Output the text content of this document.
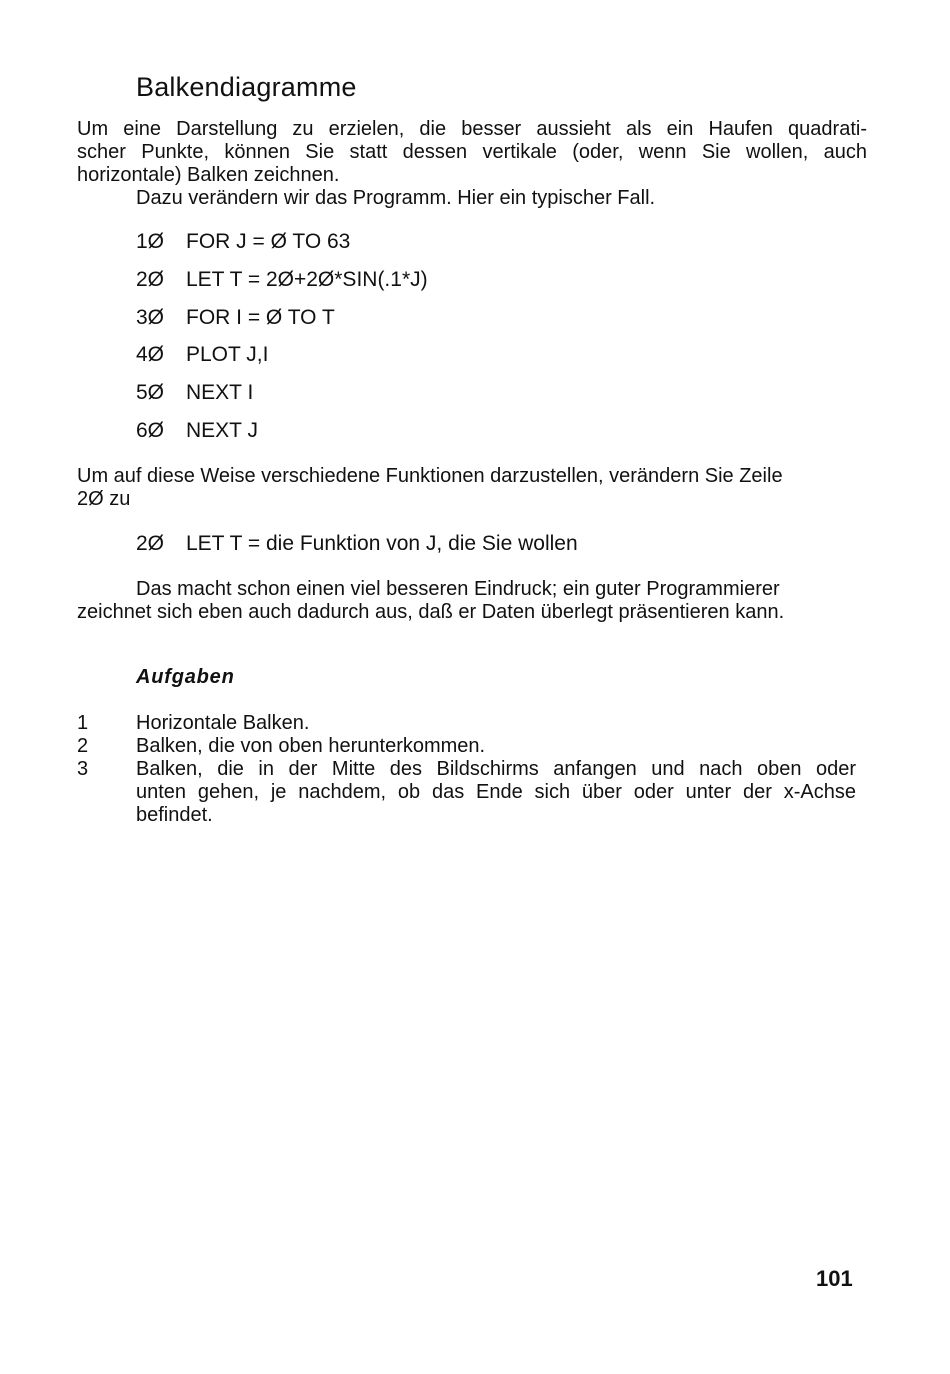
Balkendiagramme

Um eine Darstellung zu erzielen, die besser aussieht als ein Haufen quadrati-
scher Punkte, können Sie statt dessen vertikale (oder, wenn Sie wollen, auch
horizontale) Balken zeichnen.
Dazu verändern wir das Programm. Hier ein typischer Fall.

1Ø FOR J = Ø TO 63
2Ø LET T = 2Ø+2Ø*SIN(.1*J)
3Ø FOR I = Ø TO T
4Ø PLOT J,I
5Ø NEXT I
6Ø NEXT J

Um auf diese Weise verschiedene Funktionen darzustellen, verändern Sie Zeile
2Ø zu

2Ø LET T = die Funktion von J, die Sie wollen

Das macht schon einen viel besseren Eindruck; ein guter Programmierer
zeichnet sich eben auch dadurch aus, daß er Daten überlegt präsentieren kann.

Aufgaben
1 Horizontale Balken.
2 Balken, die von oben herunterkommen.
3 Balken, die in der Mitte des Bildschirms anfangen und nach oben oder
unten gehen, je nachdem, ob das Ende sich über oder unter der x-Achse
befindet.
101
